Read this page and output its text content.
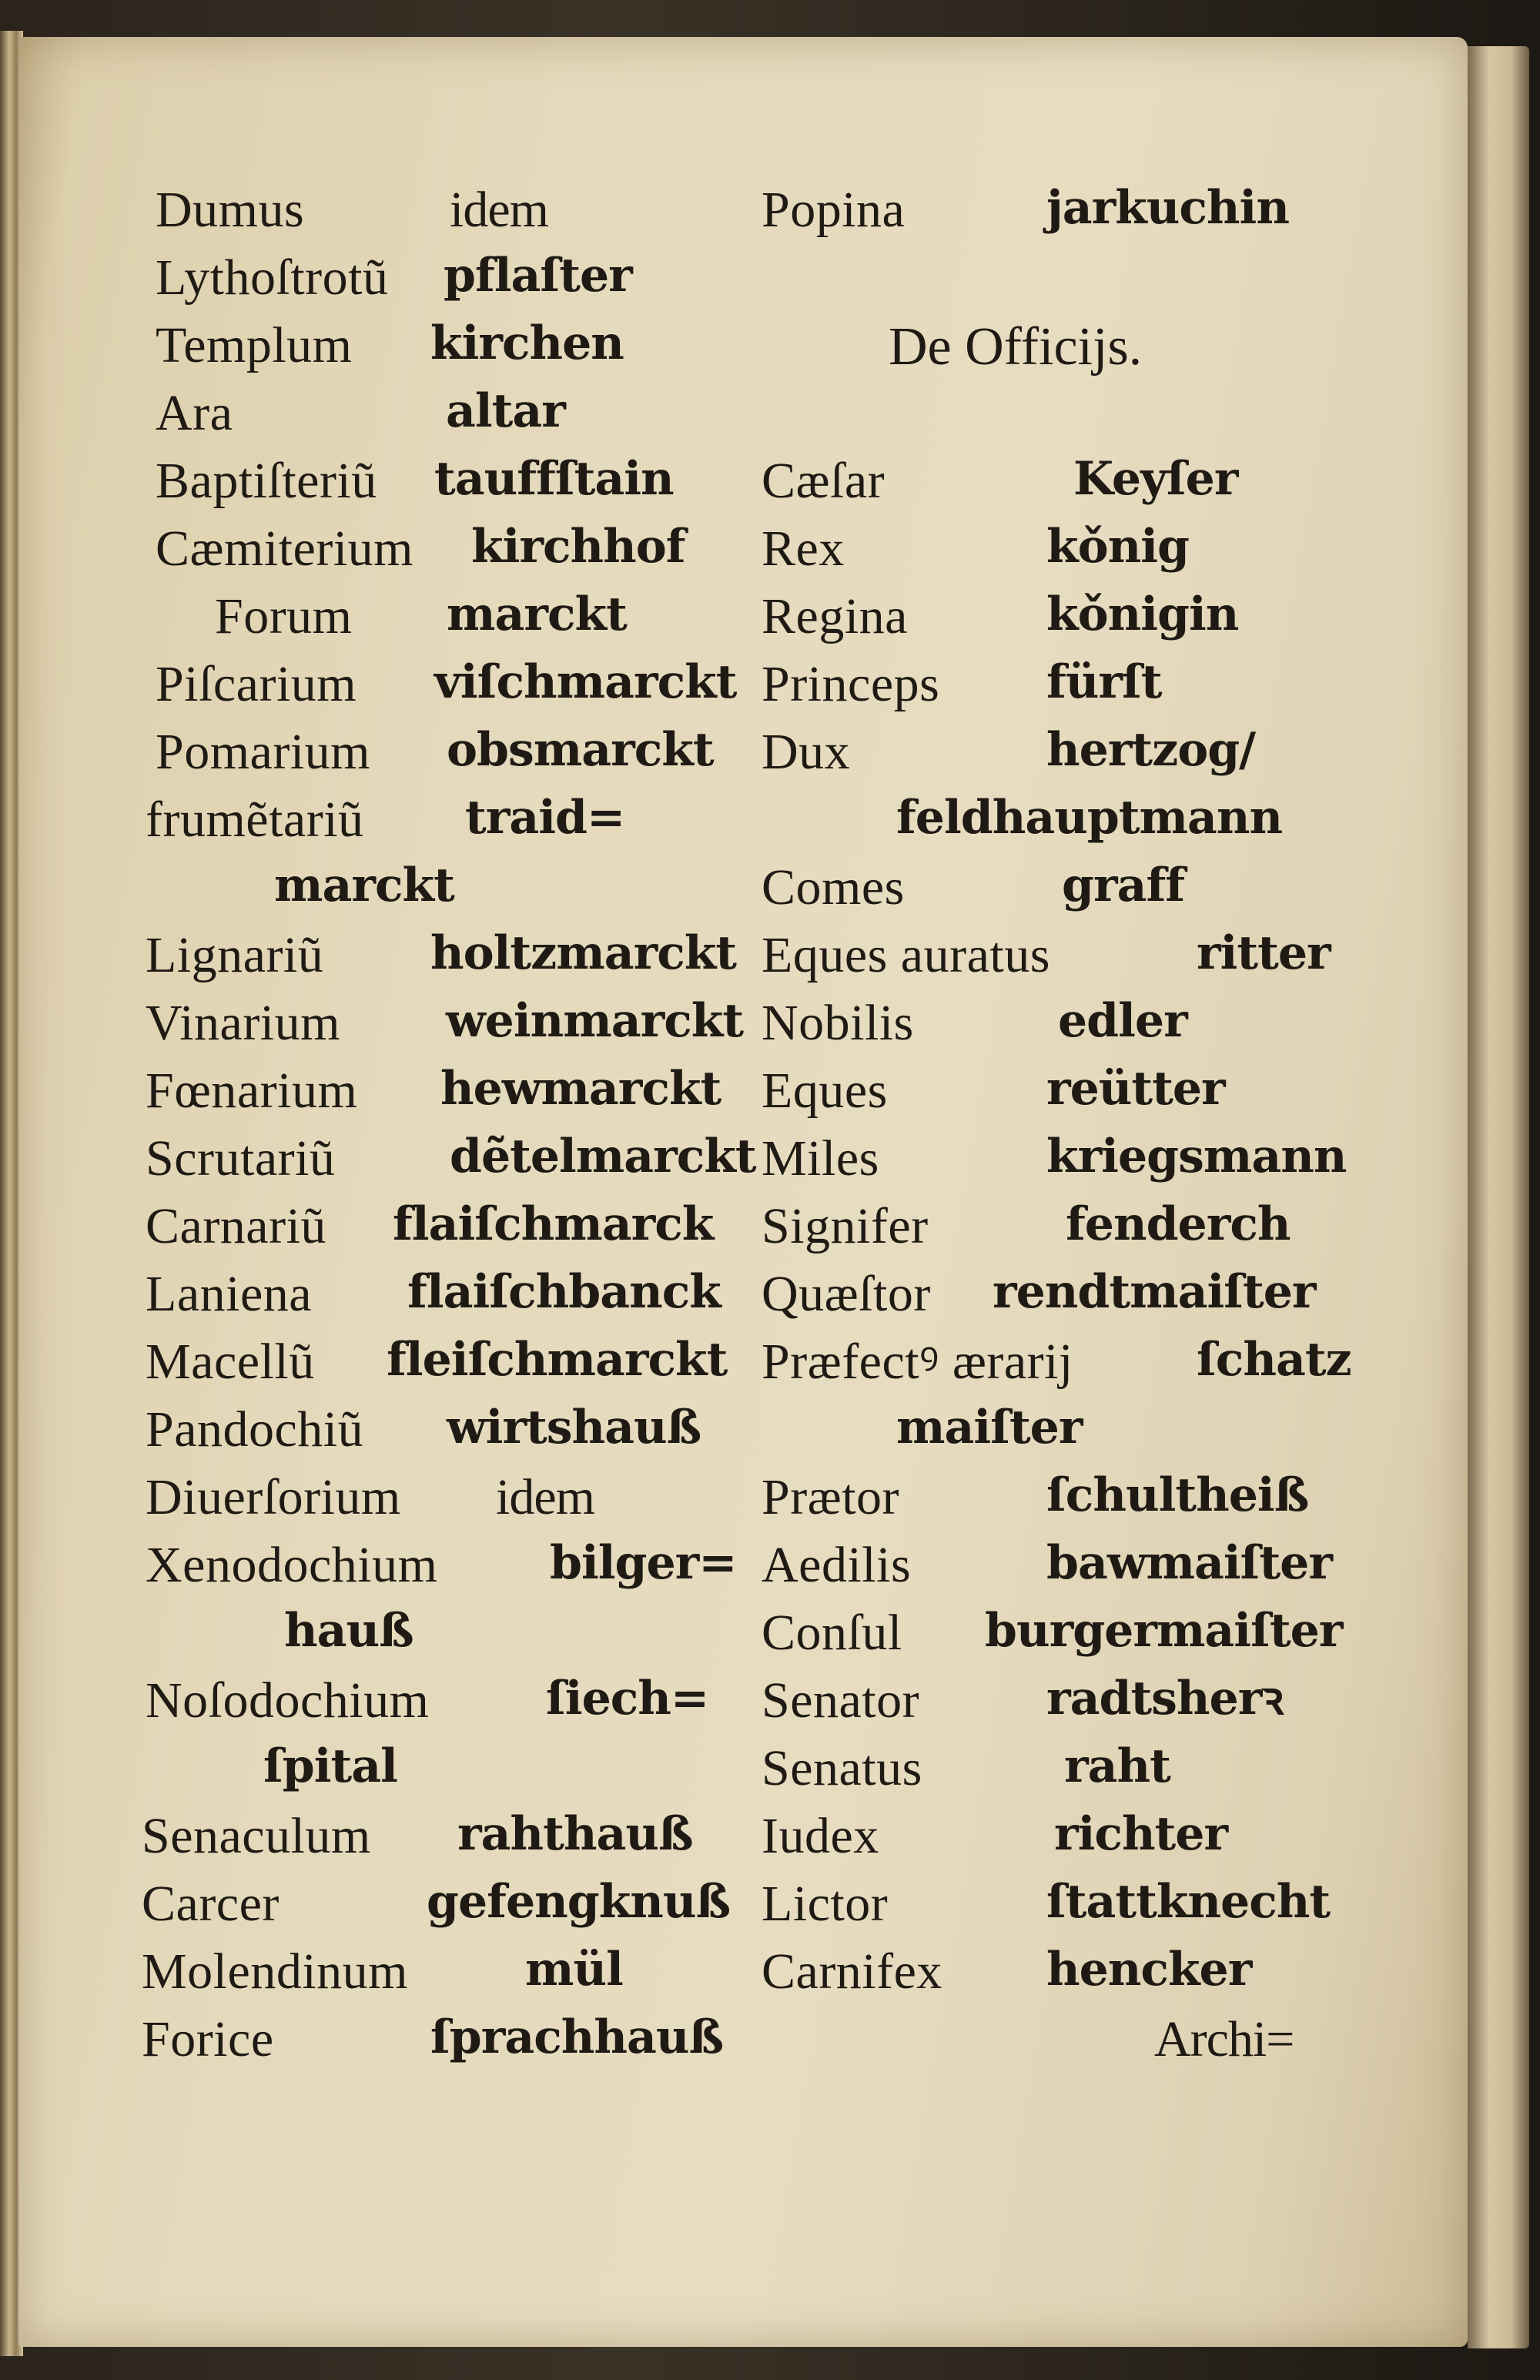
Dumus	idem
Lythoſtrotũ pflaſter
Templum kirchen
Ara	altar
Baptiſteriũ tauffſtain
Cæmiterium kirchhof
Forum marckt
Piſcarium viſchmarckt
Pomarium obsmarckt
frumẽtariũ traid=
marckt
Lignariũ holtzmarckt
Vinarium weinmarckt
Fœnarium hewmarckt
Scrutariũ dẽtelmarckt
Carnariũ flaiſchmarck
Laniena flaiſchbanck
Macellũ fleiſchmarckt
Pandochiũ wirtshauß
Diuerſorium idem
Xenodochium bilger=
hauß
Noſodochium	ſiech=
ſpital
Senaculum rahthauß
Carcer	gefengknuß
Molendinum	mül
Forice	ſprachhauß
Popina	jarkuchin
De Officijs.
Cæſar	Keyſer
Rex	kǒnig
Regina	kǒnigin
Princeps fürſt
Dux	hertzog/
feldhauptmann
Comes	graff
Eques auratus	ritter
Nobilis	edler
Eques	reütter
Miles	kriegsmann
Signifer	fenderch
Quæſtor rendtmaiſter
Præfectꝰ ærarij	ſchatz
maiſter
Prætor	ſchultheiß
Aedilis	bawmaiſter
Conſul burgermaiſter
Senator	radtsherꝛ
Senatus	raht
Iudex	richter
Lictor	ſtattknecht
Carnifex hencker
Archi=
